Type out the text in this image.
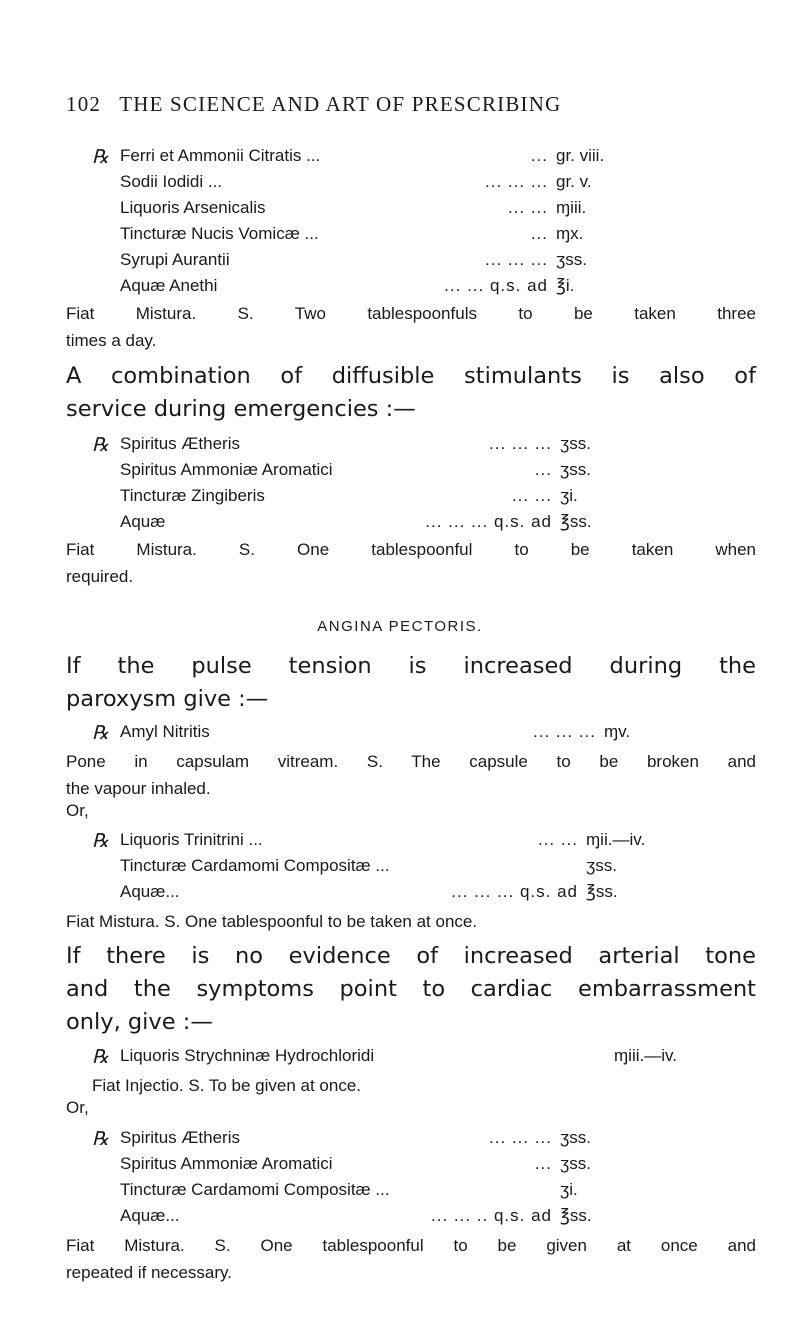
102 THE SCIENCE AND ART OF PRESCRIBING
℞ Ferri et Ammonii Citratis ...	... gr. viii.
Sodii Iodidi ...	... ... ... gr. v.
Liquoris Arsenicalis	... ... ɱiii.
Tincturæ Nucis Vomicæ ...	... ɱx.
Syrupi Aurantii	... ... ... ʒss.
Aquæ Anethi	... ... q.s. ad ℥i.
Fiat Mistura. S. Two tablespoonfuls to be taken three
times a day.
A combination of diffusible stimulants is also of
service during emergencies :—
℞ Spiritus Ætheris	... ... ... ʒss.
Spiritus Ammoniæ Aromatici	... ʒss.
Tincturæ Zingiberis	... ... ʒi.
Aquæ	... ... ... q.s. ad ℥ss.
Fiat Mistura. S. One tablespoonful to be taken when
required.
ANGINA PECTORIS.
If the pulse tension is increased during the
paroxysm give :—
℞ Amyl Nitritis	... ... ... ɱv.
Pone in capsulam vitream. S. The capsule to be broken and
the vapour inhaled.
Or,
℞ Liquoris Trinitrini ...	... ... ɱii.—iv.
Tincturæ Cardamomi Compositæ ...	ʒss.
Aquæ...	... ... ... q.s. ad ℥ss.
Fiat Mistura. S. One tablespoonful to be taken at once.
If there is no evidence of increased arterial tone
and the symptoms point to cardiac embarrassment
only, give :—
℞ Liquoris Strychninæ Hydrochloridi	ɱiii.—iv.
Fiat Injectio. S. To be given at once.
Or,
℞ Spiritus Ætheris	... ... ... ʒss.
Spiritus Ammoniæ Aromatici	... ʒss.
Tincturæ Cardamomi Compositæ ...	ʒi.
Aquæ...	... ... .. q.s. ad ℥ss.
Fiat Mistura. S. One tablespoonful to be given at once and
repeated if necessary.
